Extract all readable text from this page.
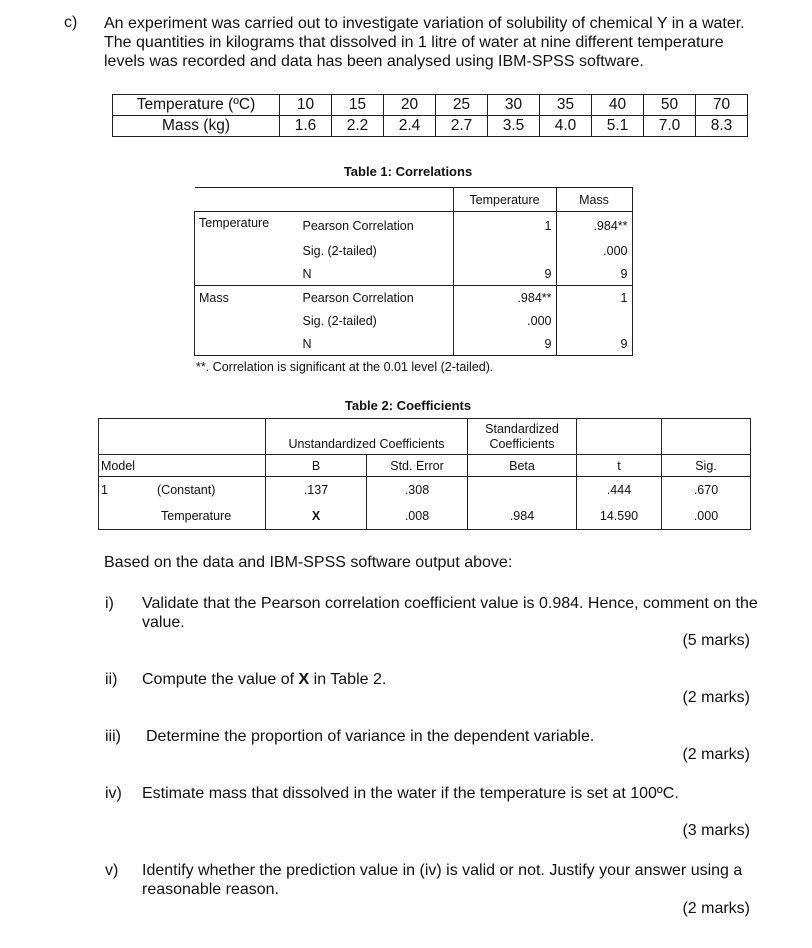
c) An experiment was carried out to investigate variation of solubility of chemical Y in a water. The quantities in kilograms that dissolved in 1 litre of water at nine different temperature levels was recorded and data has been analysed using IBM-SPSS software.
Temperature (ºC)	10	15	20	25	30	35	40	50	70
Mass (kg)	1.6	2.2	2.4	2.7	3.5	4.0	5.1	7.0	8.3
Table 1: Correlations
		Temperature	Mass
Temperature	Pearson Correlation	1	.984**
	Sig. (2-tailed)		.000
	N	9	9
Mass	Pearson Correlation	.984**	1
	Sig. (2-tailed)	.000	
	N	9	9
**. Correlation is significant at the 0.01 level (2-tailed).
Table 2: Coefficients
		Unstandardized Coefficients		Standardized Coefficients		
Model		B	Std. Error	Beta	t	Sig.
1	(Constant)	.137	.308		.444	.670
	Temperature	X	.008	.984	14.590	.000
Based on the data and IBM-SPSS software output above:
i) Validate that the Pearson correlation coefficient value is 0.984. Hence, comment on the value.
(5 marks)
ii) Compute the value of X in Table 2.
(2 marks)
iii) Determine the proportion of variance in the dependent variable.
(2 marks)
iv) Estimate mass that dissolved in the water if the temperature is set at 100ºC.
(3 marks)
v) Identify whether the prediction value in (iv) is valid or not. Justify your answer using a reasonable reason.
(2 marks)
